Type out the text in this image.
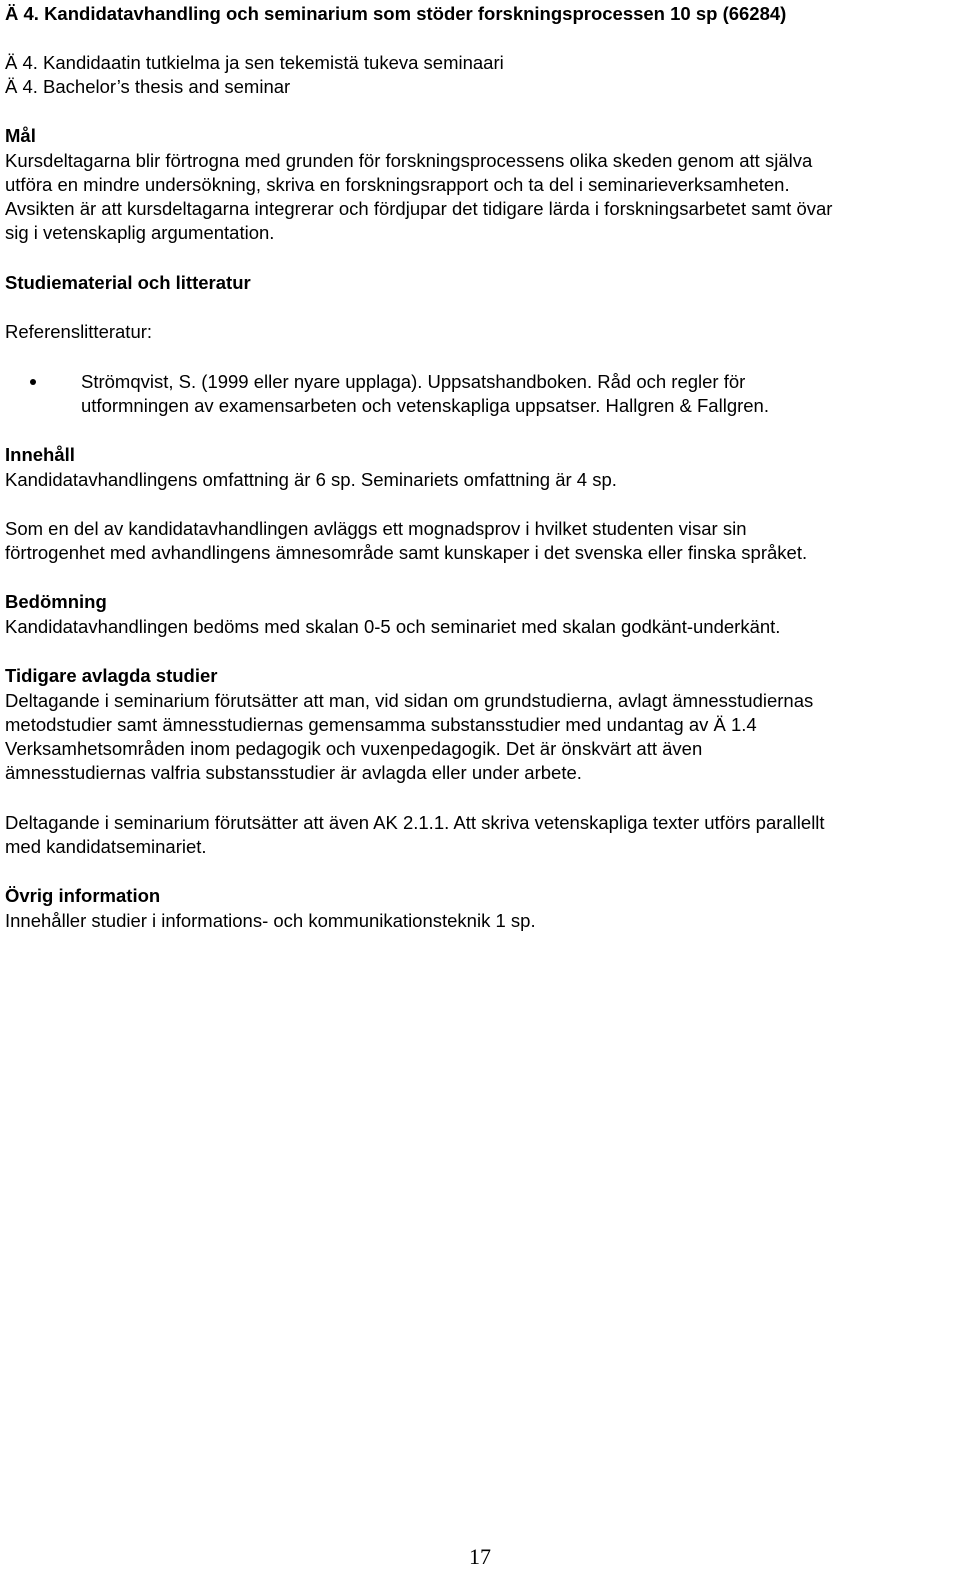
Ä 4. Kandidatavhandling och seminarium som stöder forskningsprocessen 10 sp (66284)

Ä 4. Kandidaatin tutkielma ja sen tekemistä tukeva seminaari

Ä 4. Bachelor’s thesis and seminar

Mål

Kursdeltagarna blir förtrogna med grunden för forskningsprocessens olika skeden genom att själva

utföra en mindre undersökning, skriva en forskningsrapport och ta del i seminarieverksamheten.

Avsikten är att kursdeltagarna integrerar och fördjupar det tidigare lärda i forskningsarbetet samt övar

sig i vetenskaplig argumentation.

Studiematerial och litteratur

Referenslitteratur:

Strömqvist, S. (1999 eller nyare upplaga). Uppsatshandboken. Råd och regler för

utformningen av examensarbeten och vetenskapliga uppsatser. Hallgren & Fallgren.

Innehåll

Kandidatavhandlingens omfattning är 6 sp. Seminariets omfattning är 4 sp.

Som en del av kandidatavhandlingen avläggs ett mognadsprov i hvilket studenten visar sin

förtrogenhet med avhandlingens ämnesområde samt kunskaper i det svenska eller finska språket.

Bedömning

Kandidatavhandlingen bedöms med skalan 0-5 och seminariet med skalan godkänt-underkänt.

Tidigare avlagda studier

Deltagande i seminarium förutsätter att man, vid sidan om grundstudierna, avlagt ämnesstudiernas

metodstudier samt ämnesstudiernas gemensamma substansstudier med undantag av Ä 1.4

Verksamhetsområden inom pedagogik och vuxenpedagogik. Det är önskvärt att även

ämnesstudiernas valfria substansstudier är avlagda eller under arbete.

Deltagande i seminarium förutsätter att även AK 2.1.1. Att skriva vetenskapliga texter utförs parallellt

med kandidatseminariet.

Övrig information

Innehåller studier i informations- och kommunikationsteknik 1 sp.

17
